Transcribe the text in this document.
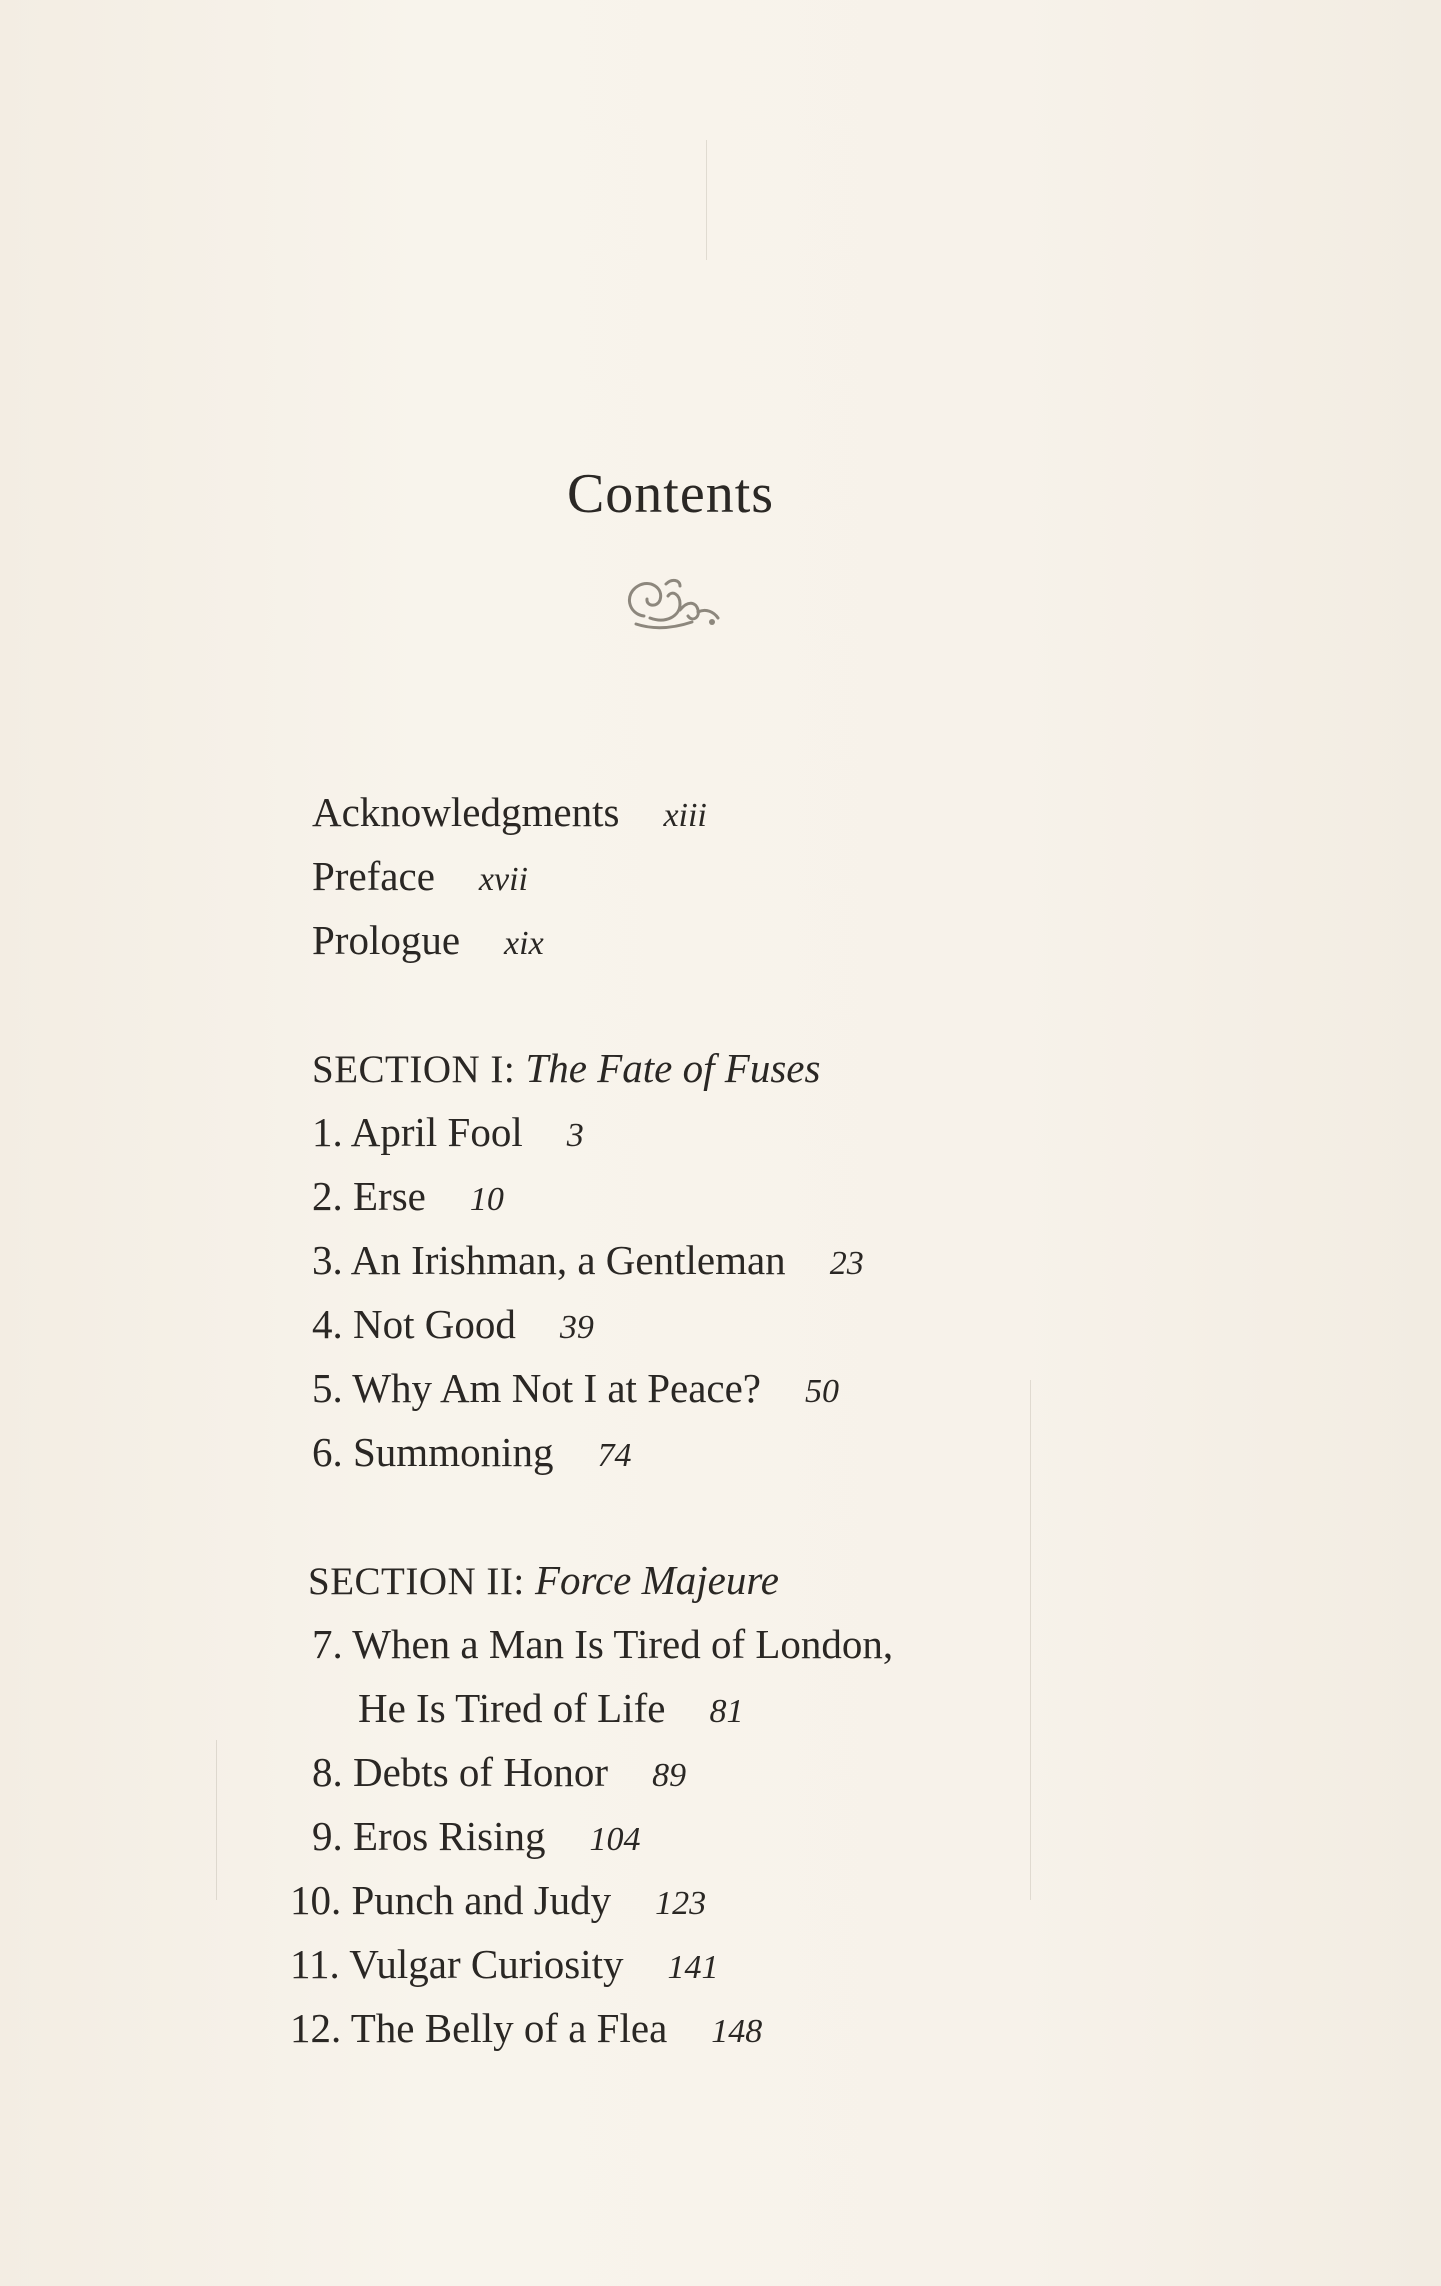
Contents
Acknowledgments xiii
Preface xvii
Prologue xix
SECTION I: The Fate of Fuses
1. April Fool 3
2. Erse 10
3. An Irishman, a Gentleman 23
4. Not Good 39
5. Why Am Not I at Peace? 50
6. Summoning 74
SECTION II: Force Majeure
7. When a Man Is Tired of London,
He Is Tired of Life 81
8. Debts of Honor 89
9. Eros Rising 104
10. Punch and Judy 123
11. Vulgar Curiosity 141
12. The Belly of a Flea 148
